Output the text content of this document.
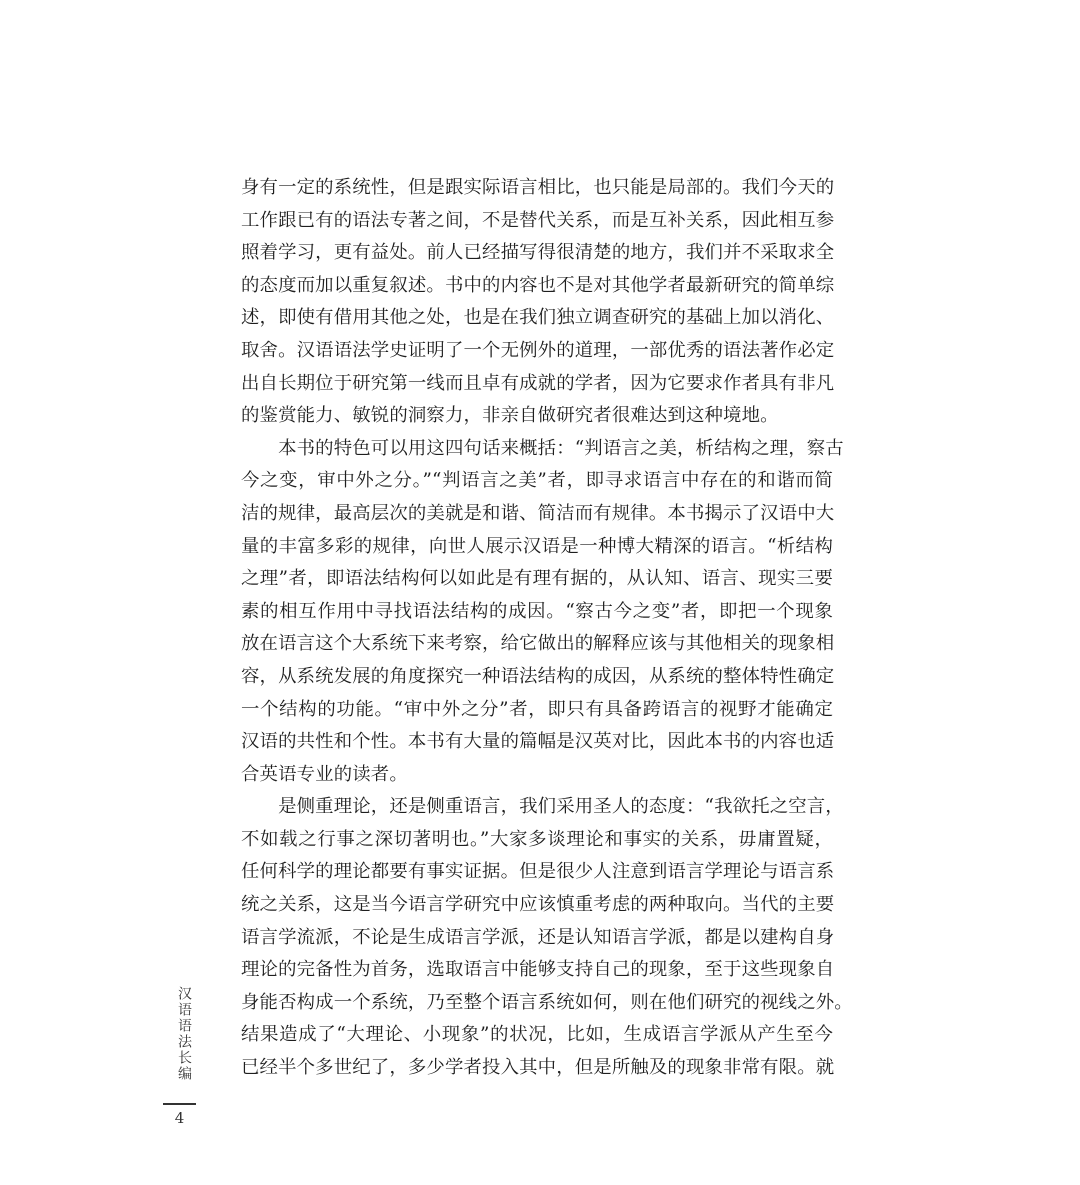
身有一定的系统性，但是跟实际语言相比，也只能是局部的。我们今天的
工作跟已有的语法专著之间，不是替代关系，而是互补关系，因此相互参
照着学习，更有益处。前人已经描写得很清楚的地方，我们并不采取求全
的态度而加以重复叙述。书中的内容也不是对其他学者最新研究的简单综
述，即使有借用其他之处，也是在我们独立调查研究的基础上加以消化、
取舍。汉语语法学史证明了一个无例外的道理，一部优秀的语法著作必定
出自长期位于研究第一线而且卓有成就的学者，因为它要求作者具有非凡
的鉴赏能力、敏锐的洞察力，非亲自做研究者很难达到这种境地。
　　本书的特色可以用这四句话来概括：“判语言之美，析结构之理，察古
今之变，审中外之分。”“判语言之美”者，即寻求语言中存在的和谐而简
洁的规律，最高层次的美就是和谐、简洁而有规律。本书揭示了汉语中大
量的丰富多彩的规律，向世人展示汉语是一种博大精深的语言。“析结构
之理”者，即语法结构何以如此是有理有据的，从认知、语言、现实三要
素的相互作用中寻找语法结构的成因。“察古今之变”者，即把一个现象
放在语言这个大系统下来考察，给它做出的解释应该与其他相关的现象相
容，从系统发展的角度探究一种语法结构的成因，从系统的整体特性确定
一个结构的功能。“审中外之分”者，即只有具备跨语言的视野才能确定
汉语的共性和个性。本书有大量的篇幅是汉英对比，因此本书的内容也适
合英语专业的读者。
　　是侧重理论，还是侧重语言，我们采用圣人的态度：“我欲托之空言，
不如载之行事之深切著明也。”大家多谈理论和事实的关系，毋庸置疑，
任何科学的理论都要有事实证据。但是很少人注意到语言学理论与语言系
统之关系，这是当今语言学研究中应该慎重考虑的两种取向。当代的主要
语言学流派，不论是生成语言学派，还是认知语言学派，都是以建构自身
理论的完备性为首务，选取语言中能够支持自己的现象，至于这些现象自
身能否构成一个系统，乃至整个语言系统如何，则在他们研究的视线之外。
结果造成了“大理论、小现象”的状况，比如，生成语言学派从产生至今
已经半个多世纪了，多少学者投入其中，但是所触及的现象非常有限。就
汉语语法长编
4
